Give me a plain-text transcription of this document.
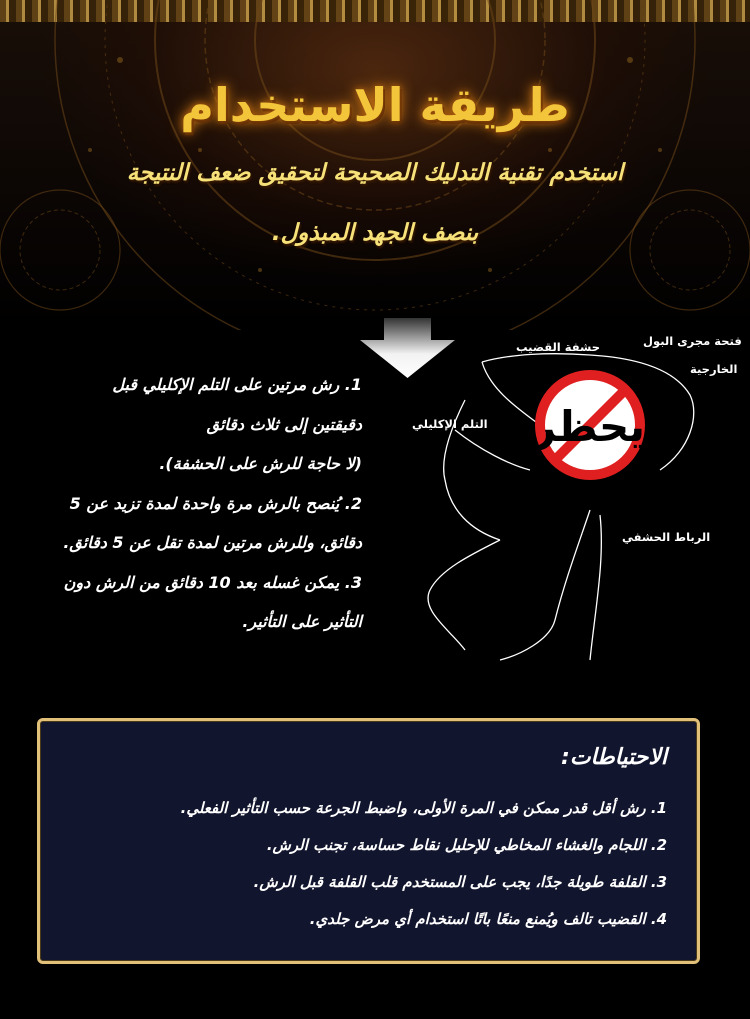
طريقة الاستخدام
استخدم تقنية التدليك الصحيحة لتحقيق ضعف النتيجة
بنصف الجهد المبذول.
1. رش مرتين على التلم الإكليلي قبل
دقيقتين إلى ثلاث دقائق
(لا حاجة للرش على الحشفة).
2. يُنصح بالرش مرة واحدة لمدة تزيد عن 5
دقائق، وللرش مرتين لمدة تقل عن 5 دقائق.
3. يمكن غسله بعد 10 دقائق من الرش دون
التأثير على التأثير.
يحظر
حشفة القضيب	فتحة مجرى البول
الخارجية
التلم الإكليلي
الرباط الحشفي
الاحتياطات:
1. رش أقل قدر ممكن في المرة الأولى، واضبط الجرعة حسب التأثير الفعلي.
2. اللجام والغشاء المخاطي للإحليل نقاط حساسة، تجنب الرش.
3. القلفة طويلة جدًا، يجب على المستخدم قلب القلفة قبل الرش.
4. القضيب تالف ويُمنع منعًا باتًا استخدام أي مرض جلدي.
